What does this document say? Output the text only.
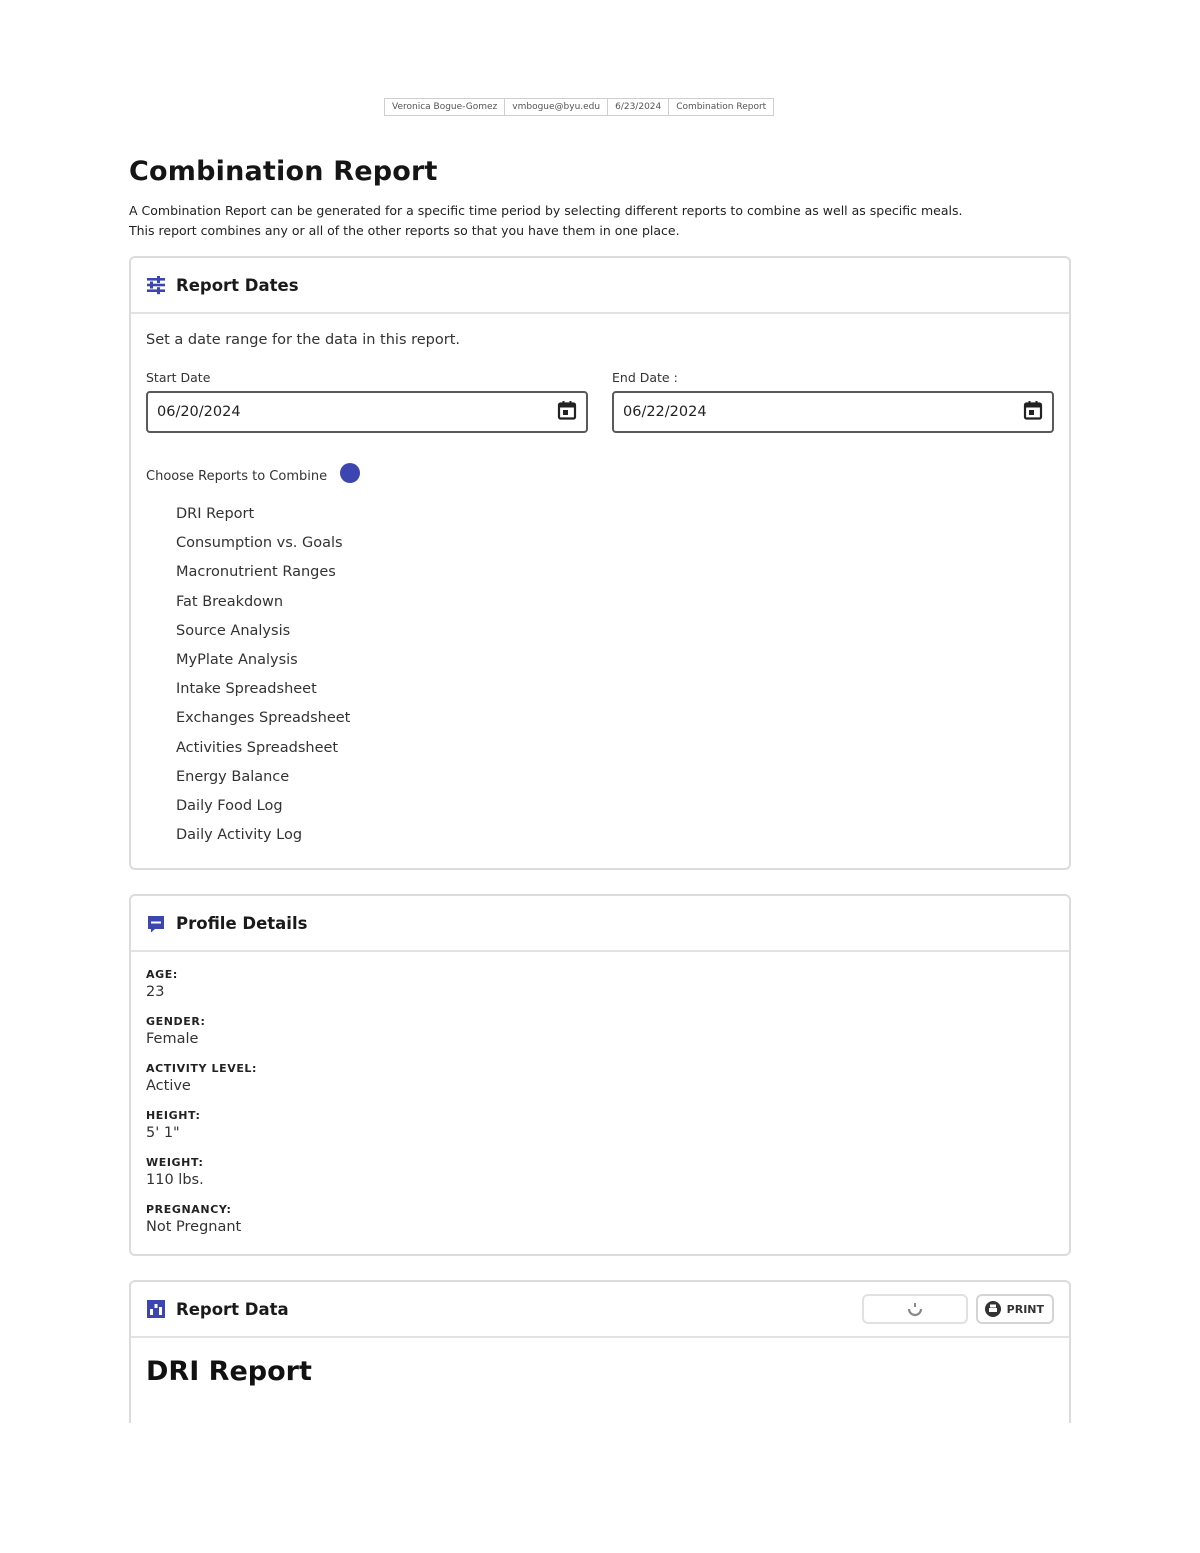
Veronica Bogue-Gomez	vmbogue@byu.edu	6/23/2024	Combination Report
Combination Report

A Combination Report can be generated for a specific time period by selecting different reports to combine as well as specific meals.
This report combines any or all of the other reports so that you have them in one place.

Report Dates
Set a date range for the data in this report.
Start Date
06/20/2024
End Date :
06/22/2024
Choose Reports to Combine
DRI Report
Consumption vs. Goals
Macronutrient Ranges
Fat Breakdown
Source Analysis
MyPlate Analysis
Intake Spreadsheet
Exchanges Spreadsheet
Activities Spreadsheet
Energy Balance
Daily Food Log
Daily Activity Log
Profile Details
AGE:
23
GENDER:
Female
ACTIVITY LEVEL:
Active
HEIGHT:
5' 1"
WEIGHT:
110 lbs.
PREGNANCY:
Not Pregnant
Report Data	PRINT
DRI Report
